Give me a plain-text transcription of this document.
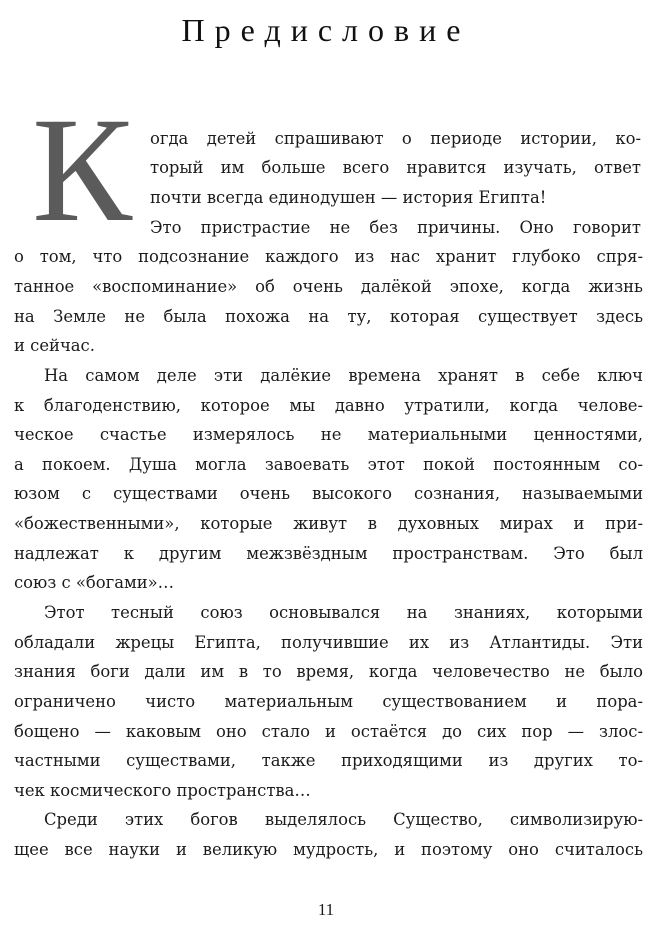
Предисловие
К огда детей спрашивают о периоде истории, ко-
торый им больше всего нравится изучать, ответ
почти всегда единодушен — история Египта!
Это пристрастие не без причины. Оно говорит
о том, что подсознание каждого из нас хранит глубоко спря-
танное «воспоминание» об очень далёкой эпохе, когда жизнь
на Земле не была похожа на ту, которая существует здесь
и сейчас.
На самом деле эти далёкие времена хранят в себе ключ
к благоденствию, которое мы давно утратили, когда челове-
ческое счастье измерялось не материальными ценностями,
а покоем. Душа могла завоевать этот покой постоянным со-
юзом с существами очень высокого сознания, называемыми
«божественными», которые живут в духовных мирах и при-
надлежат к другим межзвёздным пространствам. Это был
союз с «богами»…
Этот тесный союз основывался на знаниях, которыми
обладали жрецы Египта, получившие их из Атлантиды. Эти
знания боги дали им в то время, когда человечество не было
ограничено чисто материальным существованием и пора-
бощено — каковым оно стало и остаётся до сих пор — злос-
частными существами, также приходящими из других то-
чек космического пространства…
Среди этих богов выделялось Существо, символизирую-
щее все науки и великую мудрость, и поэтому оно считалось
11
